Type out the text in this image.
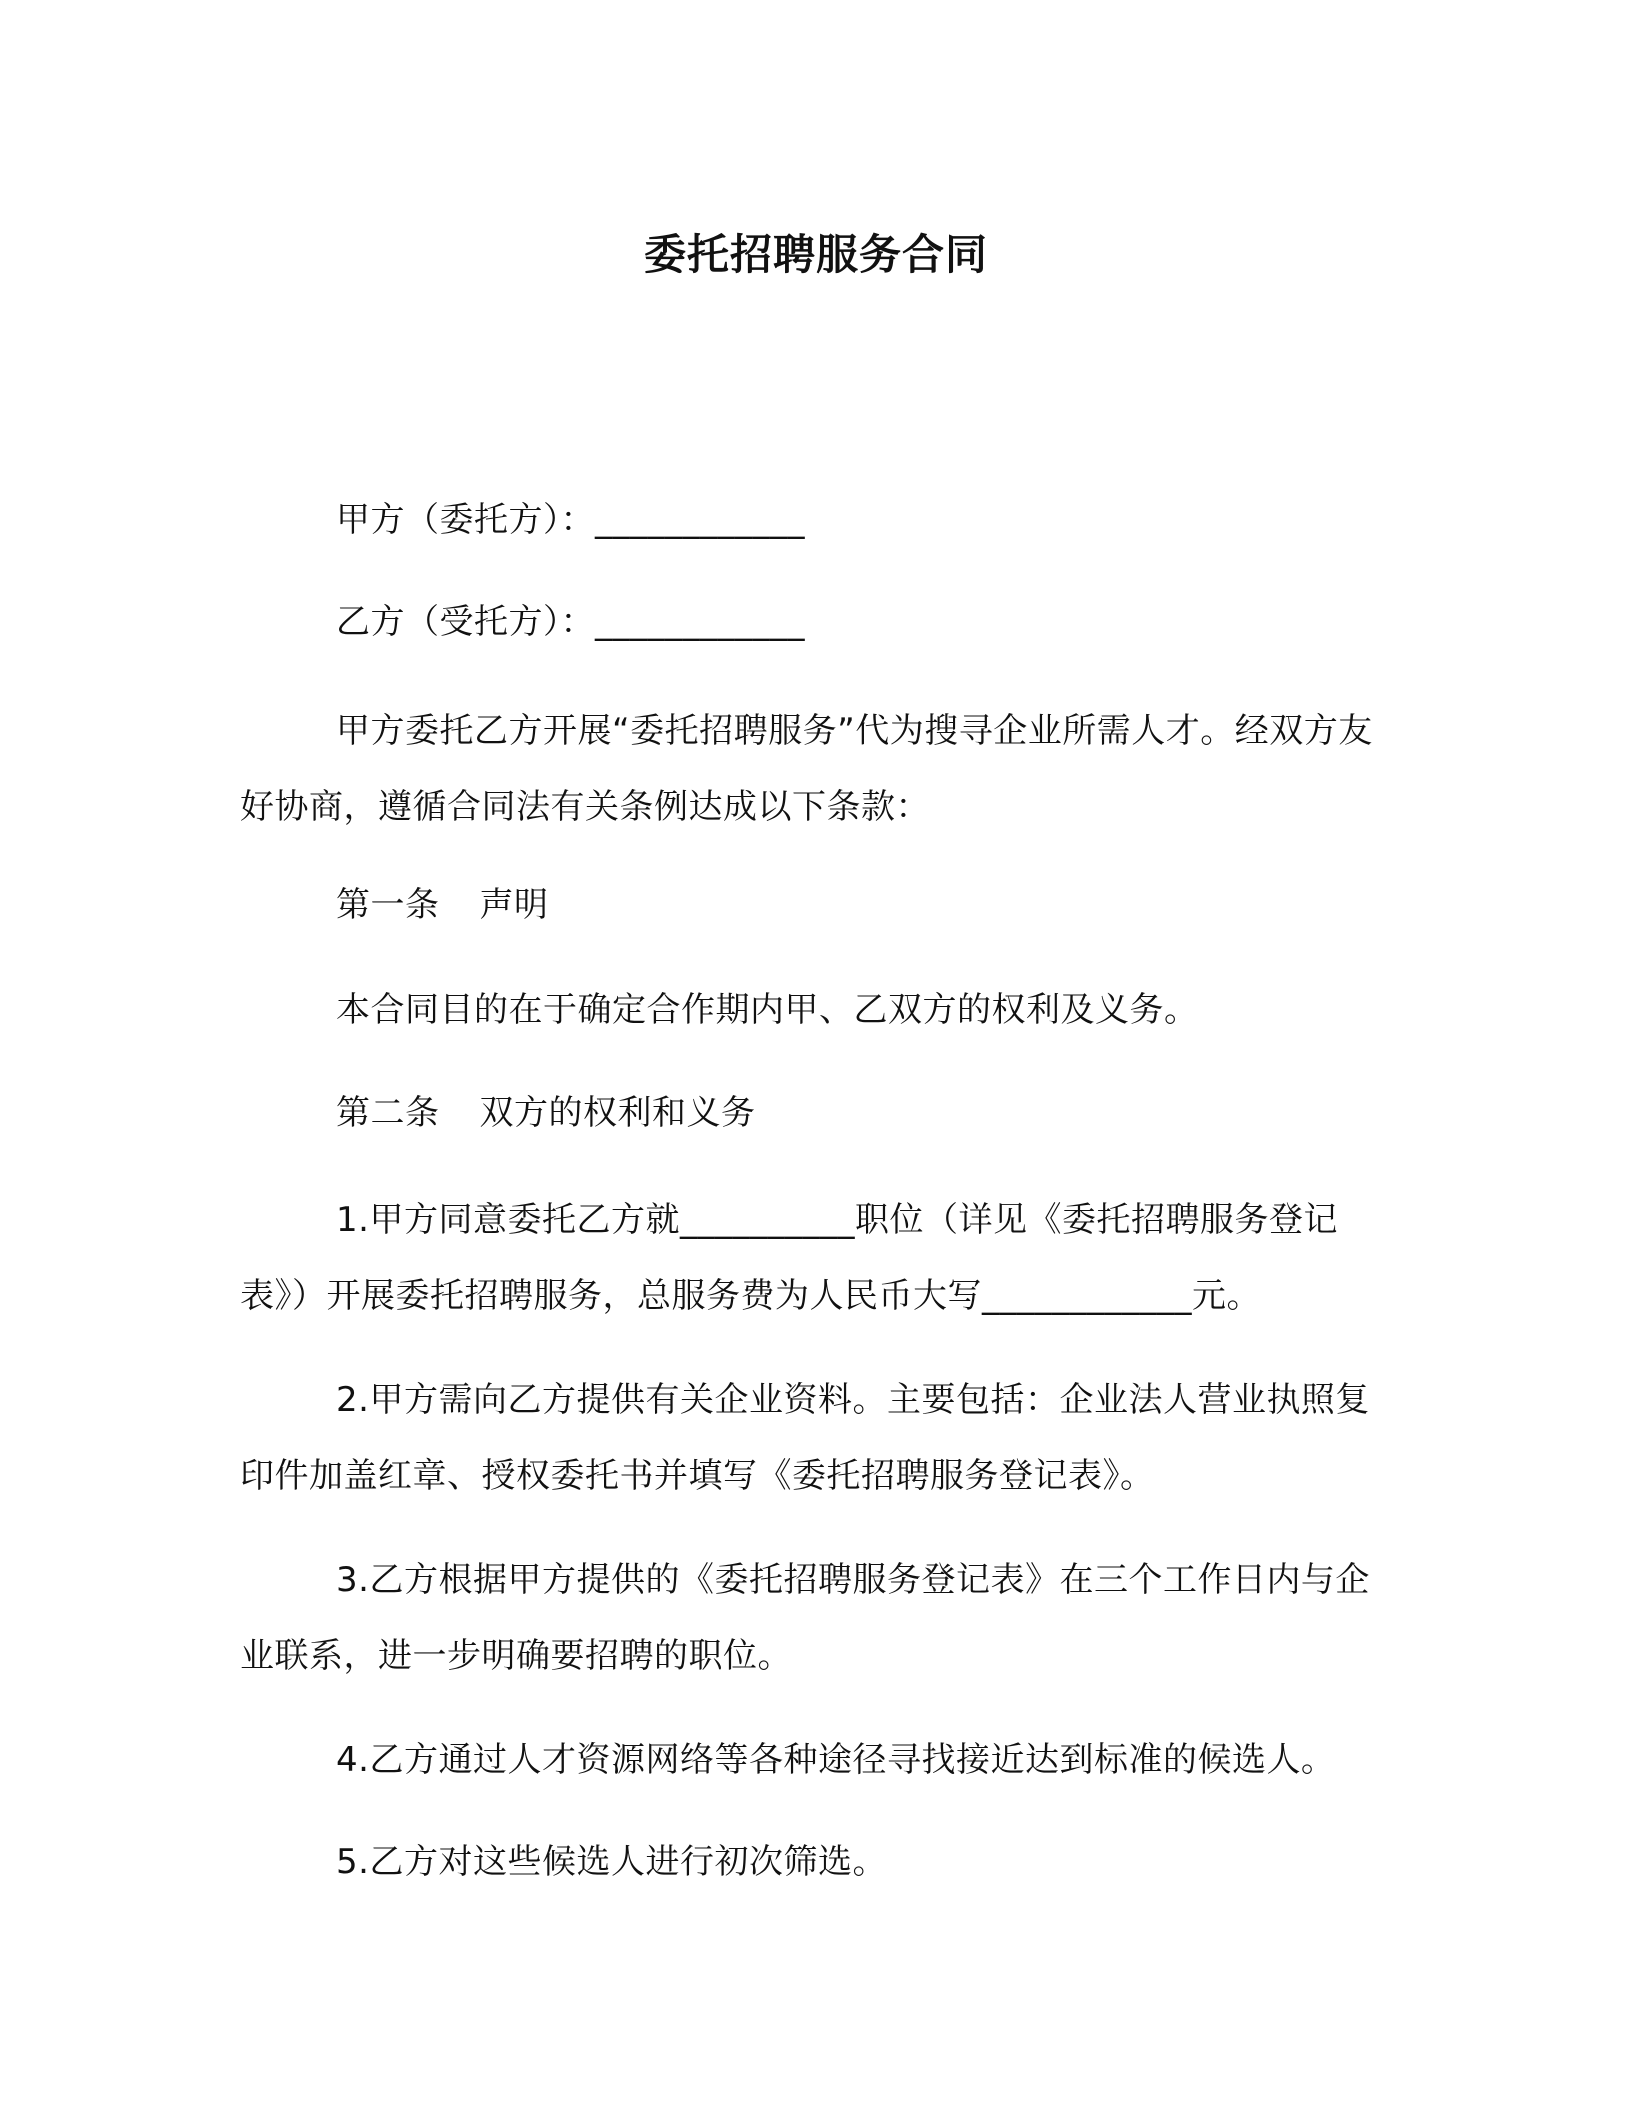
委托招聘服务合同
甲方（委托方）：____________
乙方（受托方）：____________
甲方委托乙方开展“委托招聘服务”代为搜寻企业所需人才。经双方友好协商，遵循合同法有关条例达成以下条款：
第一条 声明
本合同目的在于确定合作期内甲、乙双方的权利及义务。
第二条 双方的权利和义务
1.甲方同意委托乙方就__________职位（详见《委托招聘服务登记表》）开展委托招聘服务，总服务费为人民币大写____________元。
2.甲方需向乙方提供有关企业资料。主要包括：企业法人营业执照复印件加盖红章、授权委托书并填写《委托招聘服务登记表》。
3.乙方根据甲方提供的《委托招聘服务登记表》在三个工作日内与企业联系，进一步明确要招聘的职位。
4.乙方通过人才资源网络等各种途径寻找接近达到标准的候选人。
5.乙方对这些候选人进行初次筛选。
